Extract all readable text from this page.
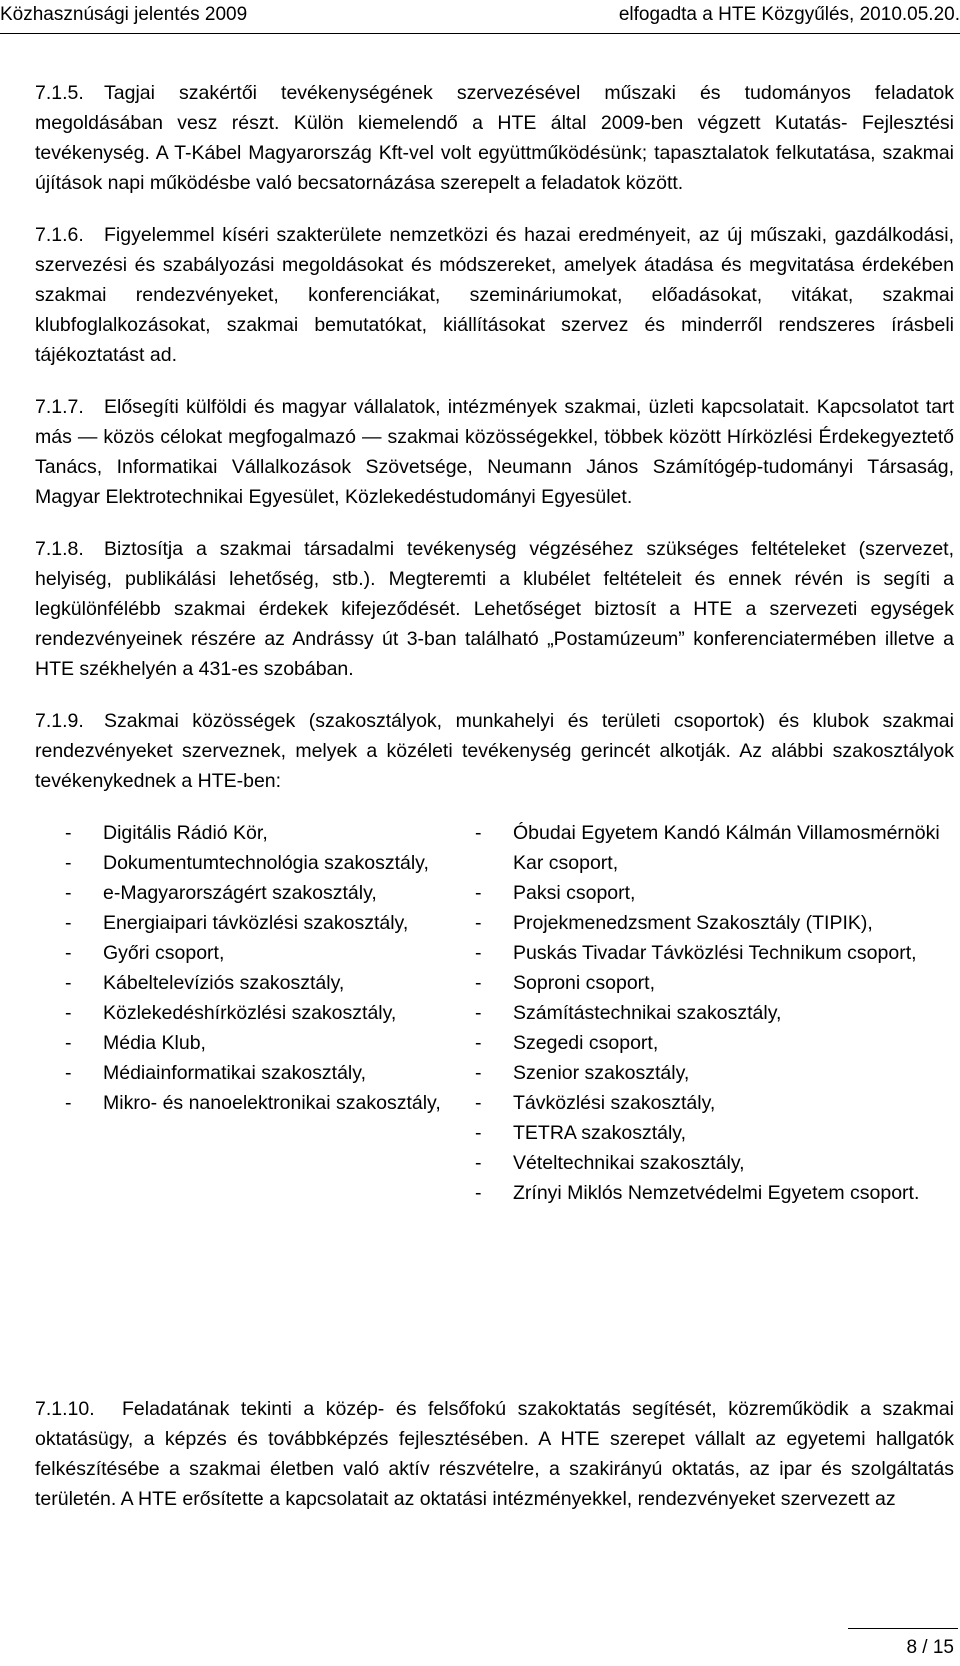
Közhasznúsági jelentés 2009	elfogadta a HTE Közgyűlés, 2010.05.20.

7.1.5. Tagjai szakértői tevékenységének szervezésével műszaki és tudományos feladatok megoldásában vesz részt. Külön kiemelendő a HTE által 2009-ben végzett Kutatás- Fejlesztési tevékenység. A T-Kábel Magyarország Kft-vel volt együttműködésünk; tapasztalatok felkutatása, szakmai újítások napi működésbe való becsatornázása szerepelt a feladatok között.

7.1.6. Figyelemmel kíséri szakterülete nemzetközi és hazai eredményeit, az új műszaki, gazdálkodási, szervezési és szabályozási megoldásokat és módszereket, amelyek átadása és megvitatása érdekében szakmai rendezvényeket, konferenciákat, szemináriumokat, előadásokat, vitákat, szakmai klubfoglalkozásokat, szakmai bemutatókat, kiállításokat szervez és minderről rendszeres írásbeli tájékoztatást ad.

7.1.7. Elősegíti külföldi és magyar vállalatok, intézmények szakmai, üzleti kapcsolatait. Kapcsolatot tart más — közös célokat megfogalmazó — szakmai közösségekkel, többek között Hírközlési Érdekegyeztető Tanács, Informatikai Vállalkozások Szövetsége, Neumann János Számítógép-tudományi Társaság, Magyar Elektrotechnikai Egyesület, Közlekedéstudományi Egyesület.

7.1.8. Biztosítja a szakmai társadalmi tevékenység végzéséhez szükséges feltételeket (szervezet, helyiség, publikálási lehetőség, stb.). Megteremti a klubélet feltételeit és ennek révén is segíti a legkülönfélébb szakmai érdekek kifejeződését. Lehetőséget biztosít a HTE a szervezeti egységek rendezvényeinek részére az Andrássy út 3-ban található „Postamúzeum” konferenciatermében illetve a HTE székhelyén a 431-es szobában.

7.1.9. Szakmai közösségek (szakosztályok, munkahelyi és területi csoportok) és klubok szakmai rendezvényeket szerveznek, melyek a közéleti tevékenység gerincét alkotják. Az alábbi szakosztályok tevékenykednek a HTE-ben:

- Digitális Rádió Kör,
- Dokumentumtechnológia szakosztály,
- e-Magyarországért szakosztály,
- Energiaipari távközlési szakosztály,
- Győri csoport,
- Kábeltelevíziós szakosztály,
- Közlekedéshírközlési szakosztály,
- Média Klub,
- Médiainformatikai szakosztály,
- Mikro- és nanoelektronikai szakosztály,
- Óbudai Egyetem Kandó Kálmán Villamosmérnöki Kar csoport,
- Paksi csoport,
- Projekmenedzsment Szakosztály (TIPIK),
- Puskás Tivadar Távközlési Technikum csoport,
- Soproni csoport,
- Számítástechnikai szakosztály,
- Szegedi csoport,
- Szenior szakosztály,
- Távközlési szakosztály,
- TETRA szakosztály,
- Vételtechnikai szakosztály,
- Zrínyi Miklós Nemzetvédelmi Egyetem csoport.

7.1.10. Feladatának tekinti a közép- és felsőfokú szakoktatás segítését, közreműködik a szakmai oktatásügy, a képzés és továbbképzés fejlesztésében. A HTE szerepet vállalt az egyetemi hallgatók felkészítésébe a szakmai életben való aktív részvételre, a szakirányú oktatás, az ipar és szolgáltatás területén. A HTE erősítette a kapcsolatait az oktatási intézményekkel, rendezvényeket szervezett az

8 / 15
